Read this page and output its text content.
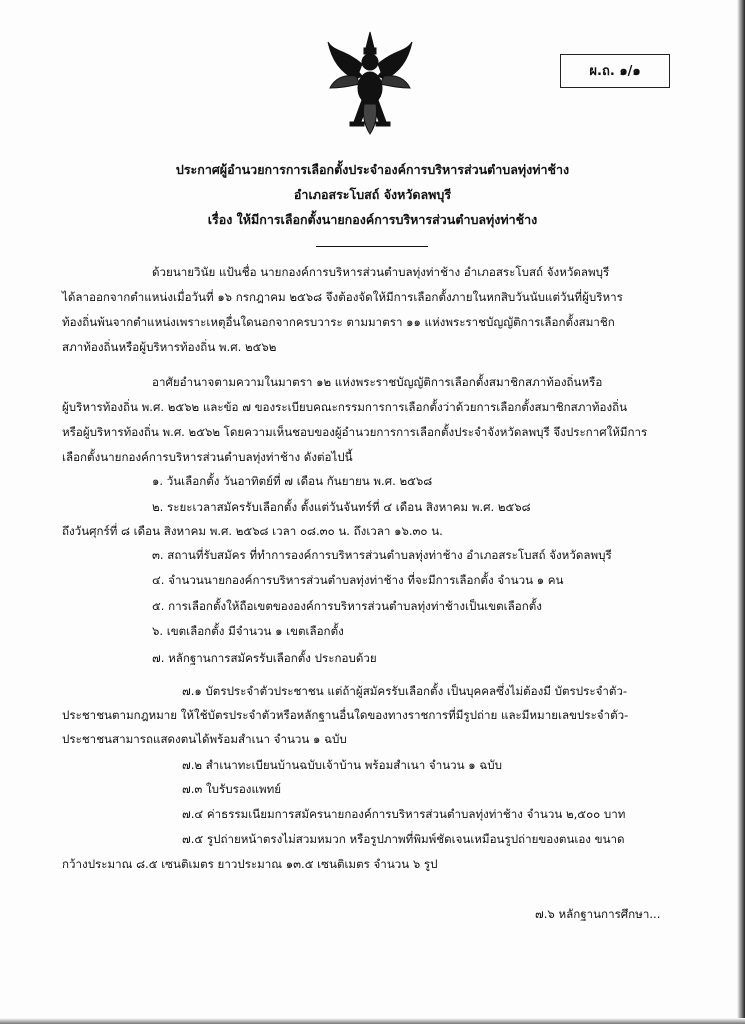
ผ.ถ. ๑/๑
ประกาศผู้อำนวยการการเลือกตั้งประจำองค์การบริหารส่วนตำบลทุ่งท่าช้าง
อำเภอสระโบสถ์ จังหวัดลพบุรี
เรื่อง ให้มีการเลือกตั้งนายกองค์การบริหารส่วนตำบลทุ่งท่าช้าง
ด้วยนายวินัย แป้นชื่อ นายกองค์การบริหารส่วนตำบลทุ่งท่าช้าง อำเภอสระโบสถ์ จังหวัดลพบุรี
ได้ลาออกจากตำแหน่งเมื่อวันที่ ๑๖ กรกฎาคม ๒๕๖๘ จึงต้องจัดให้มีการเลือกตั้งภายในหกสิบวันนับแต่วันที่ผู้บริหาร
ท้องถิ่นพ้นจากตำแหน่งเพราะเหตุอื่นใดนอกจากครบวาระ ตามมาตรา ๑๑ แห่งพระราชบัญญัติการเลือกตั้งสมาชิก
สภาท้องถิ่นหรือผู้บริหารท้องถิ่น พ.ศ. ๒๕๖๒
อาศัยอำนาจตามความในมาตรา ๑๒ แห่งพระราชบัญญัติการเลือกตั้งสมาชิกสภาท้องถิ่นหรือ
ผู้บริหารท้องถิ่น พ.ศ. ๒๕๖๒ และข้อ ๗ ของระเบียบคณะกรรมการการเลือกตั้งว่าด้วยการเลือกตั้งสมาชิกสภาท้องถิ่น
หรือผู้บริหารท้องถิ่น พ.ศ. ๒๕๖๒ โดยความเห็นชอบของผู้อำนวยการการเลือกตั้งประจำจังหวัดลพบุรี จึงประกาศให้มีการ
เลือกตั้งนายกองค์การบริหารส่วนตำบลทุ่งท่าช้าง ดังต่อไปนี้
๑. วันเลือกตั้ง วันอาทิตย์ที่ ๗ เดือน กันยายน พ.ศ. ๒๕๖๘
๒. ระยะเวลาสมัครรับเลือกตั้ง ตั้งแต่วันจันทร์ที่ ๔ เดือน สิงหาคม พ.ศ. ๒๕๖๘
ถึงวันศุกร์ที่ ๘ เดือน สิงหาคม พ.ศ. ๒๕๖๘ เวลา ๐๘.๓๐ น. ถึงเวลา ๑๖.๓๐ น.
๓. สถานที่รับสมัคร ที่ทำการองค์การบริหารส่วนตำบลทุ่งท่าช้าง อำเภอสระโบสถ์ จังหวัดลพบุรี
๔. จำนวนนายกองค์การบริหารส่วนตำบลทุ่งท่าช้าง ที่จะมีการเลือกตั้ง จำนวน ๑ คน
๕. การเลือกตั้งให้ถือเขตขององค์การบริหารส่วนตำบลทุ่งท่าช้างเป็นเขตเลือกตั้ง
๖. เขตเลือกตั้ง มีจำนวน ๑ เขตเลือกตั้ง
๗. หลักฐานการสมัครรับเลือกตั้ง ประกอบด้วย
๗.๑ บัตรประจำตัวประชาชน แต่ถ้าผู้สมัครรับเลือกตั้ง เป็นบุคคลซึ่งไม่ต้องมี บัตรประจำตัว-
ประชาชนตามกฎหมาย ให้ใช้บัตรประจำตัวหรือหลักฐานอื่นใดของทางราชการที่มีรูปถ่าย และมีหมายเลขประจำตัว-
ประชาชนสามารถแสดงตนได้พร้อมสำเนา จำนวน ๑ ฉบับ
๗.๒ สำเนาทะเบียนบ้านฉบับเจ้าบ้าน พร้อมสำเนา จำนวน ๑ ฉบับ
๗.๓ ใบรับรองแพทย์
๗.๔ ค่าธรรมเนียมการสมัครนายกองค์การบริหารส่วนตำบลทุ่งท่าช้าง จำนวน ๒,๕๐๐ บาท
๗.๕ รูปถ่ายหน้าตรงไม่สวมหมวก หรือรูปภาพที่พิมพ์ชัดเจนเหมือนรูปถ่ายของตนเอง ขนาด
กว้างประมาณ ๘.๕ เซนติเมตร ยาวประมาณ ๑๓.๕ เซนติเมตร จำนวน ๖ รูป
๗.๖ หลักฐานการศึกษา...
